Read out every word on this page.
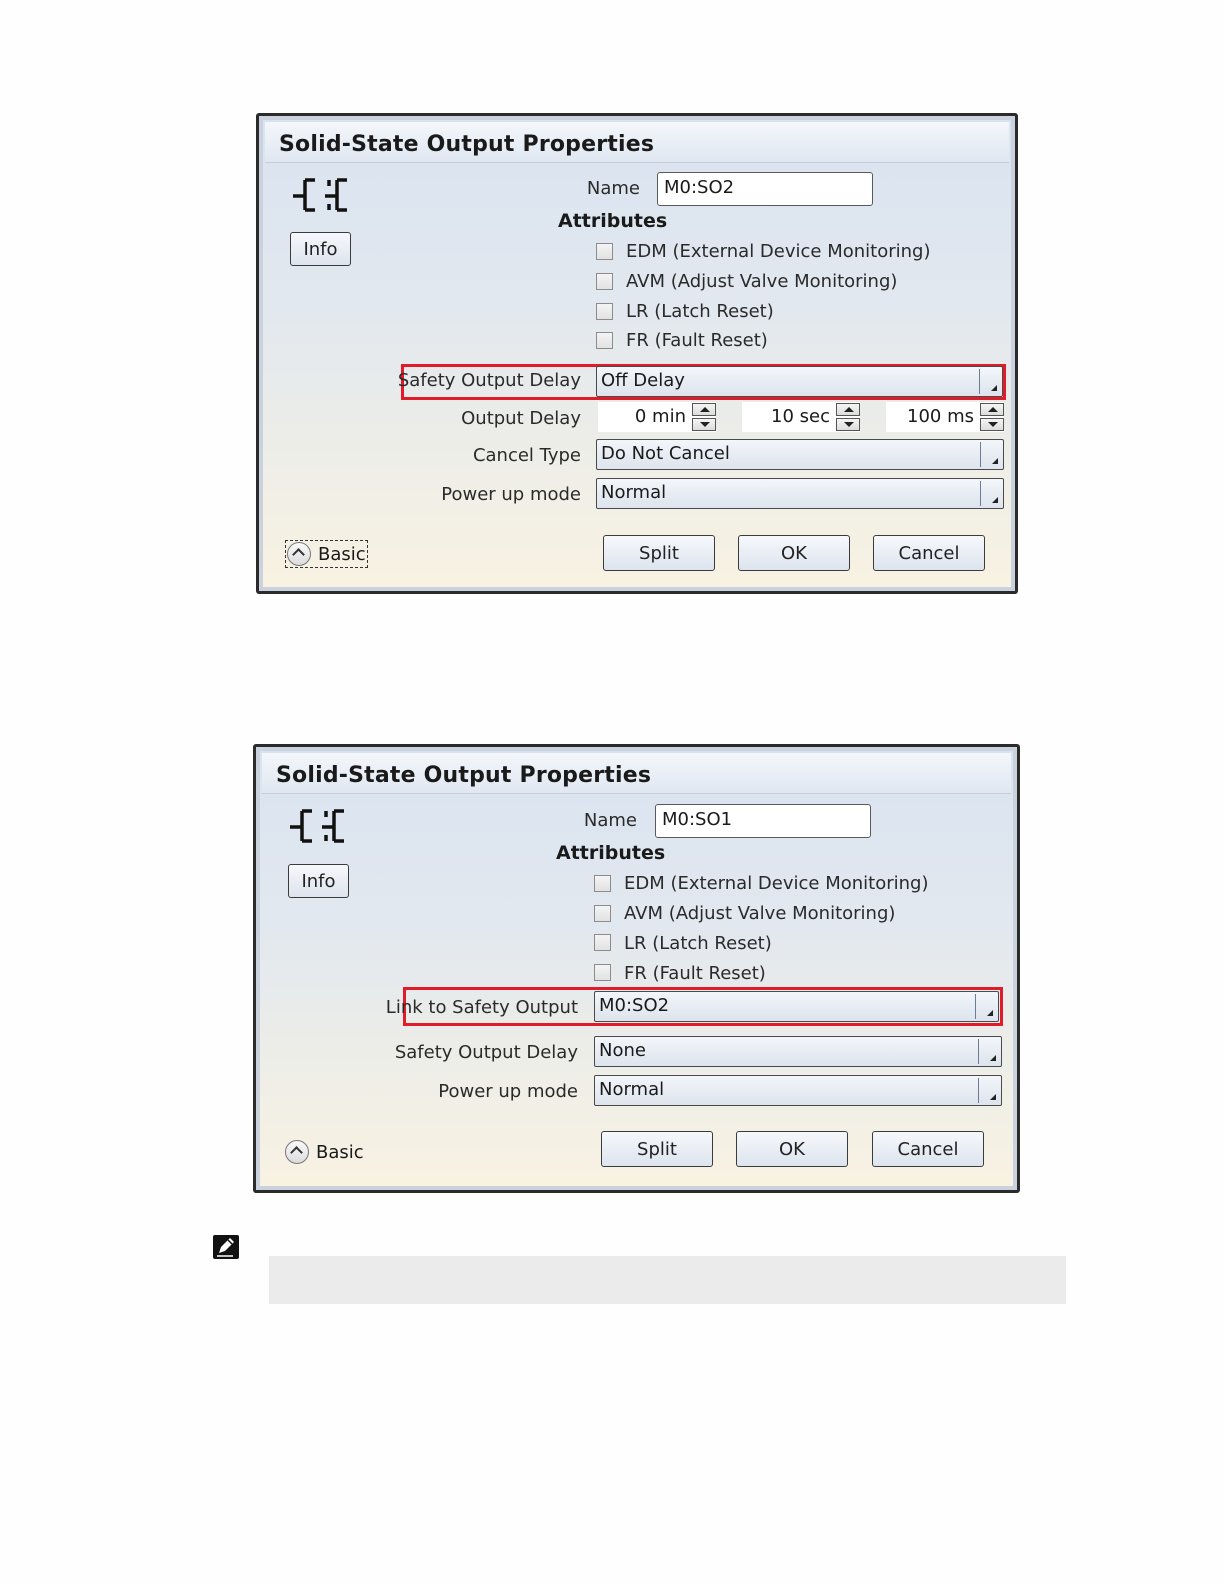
Solid-State Output Properties
Info
Name	M0:SO2
Attributes
EDM (External Device Monitoring)
AVM (Adjust Valve Monitoring)
LR (Latch Reset)
FR (Fault Reset)
Safety Output Delay Off Delay
Output Delay	0 min	10 sec	100 ms
Cancel Type Do Not Cancel
Power up mode Normal
Basic	Split	OK	Cancel
Solid-State Output Properties
Info
Name	M0:SO1
Attributes
EDM (External Device Monitoring)
AVM (Adjust Valve Monitoring)
LR (Latch Reset)
FR (Fault Reset)
Link to Safety Output M0:SO2
Safety Output Delay None
Power up mode Normal
Basic	Split	OK	Cancel
